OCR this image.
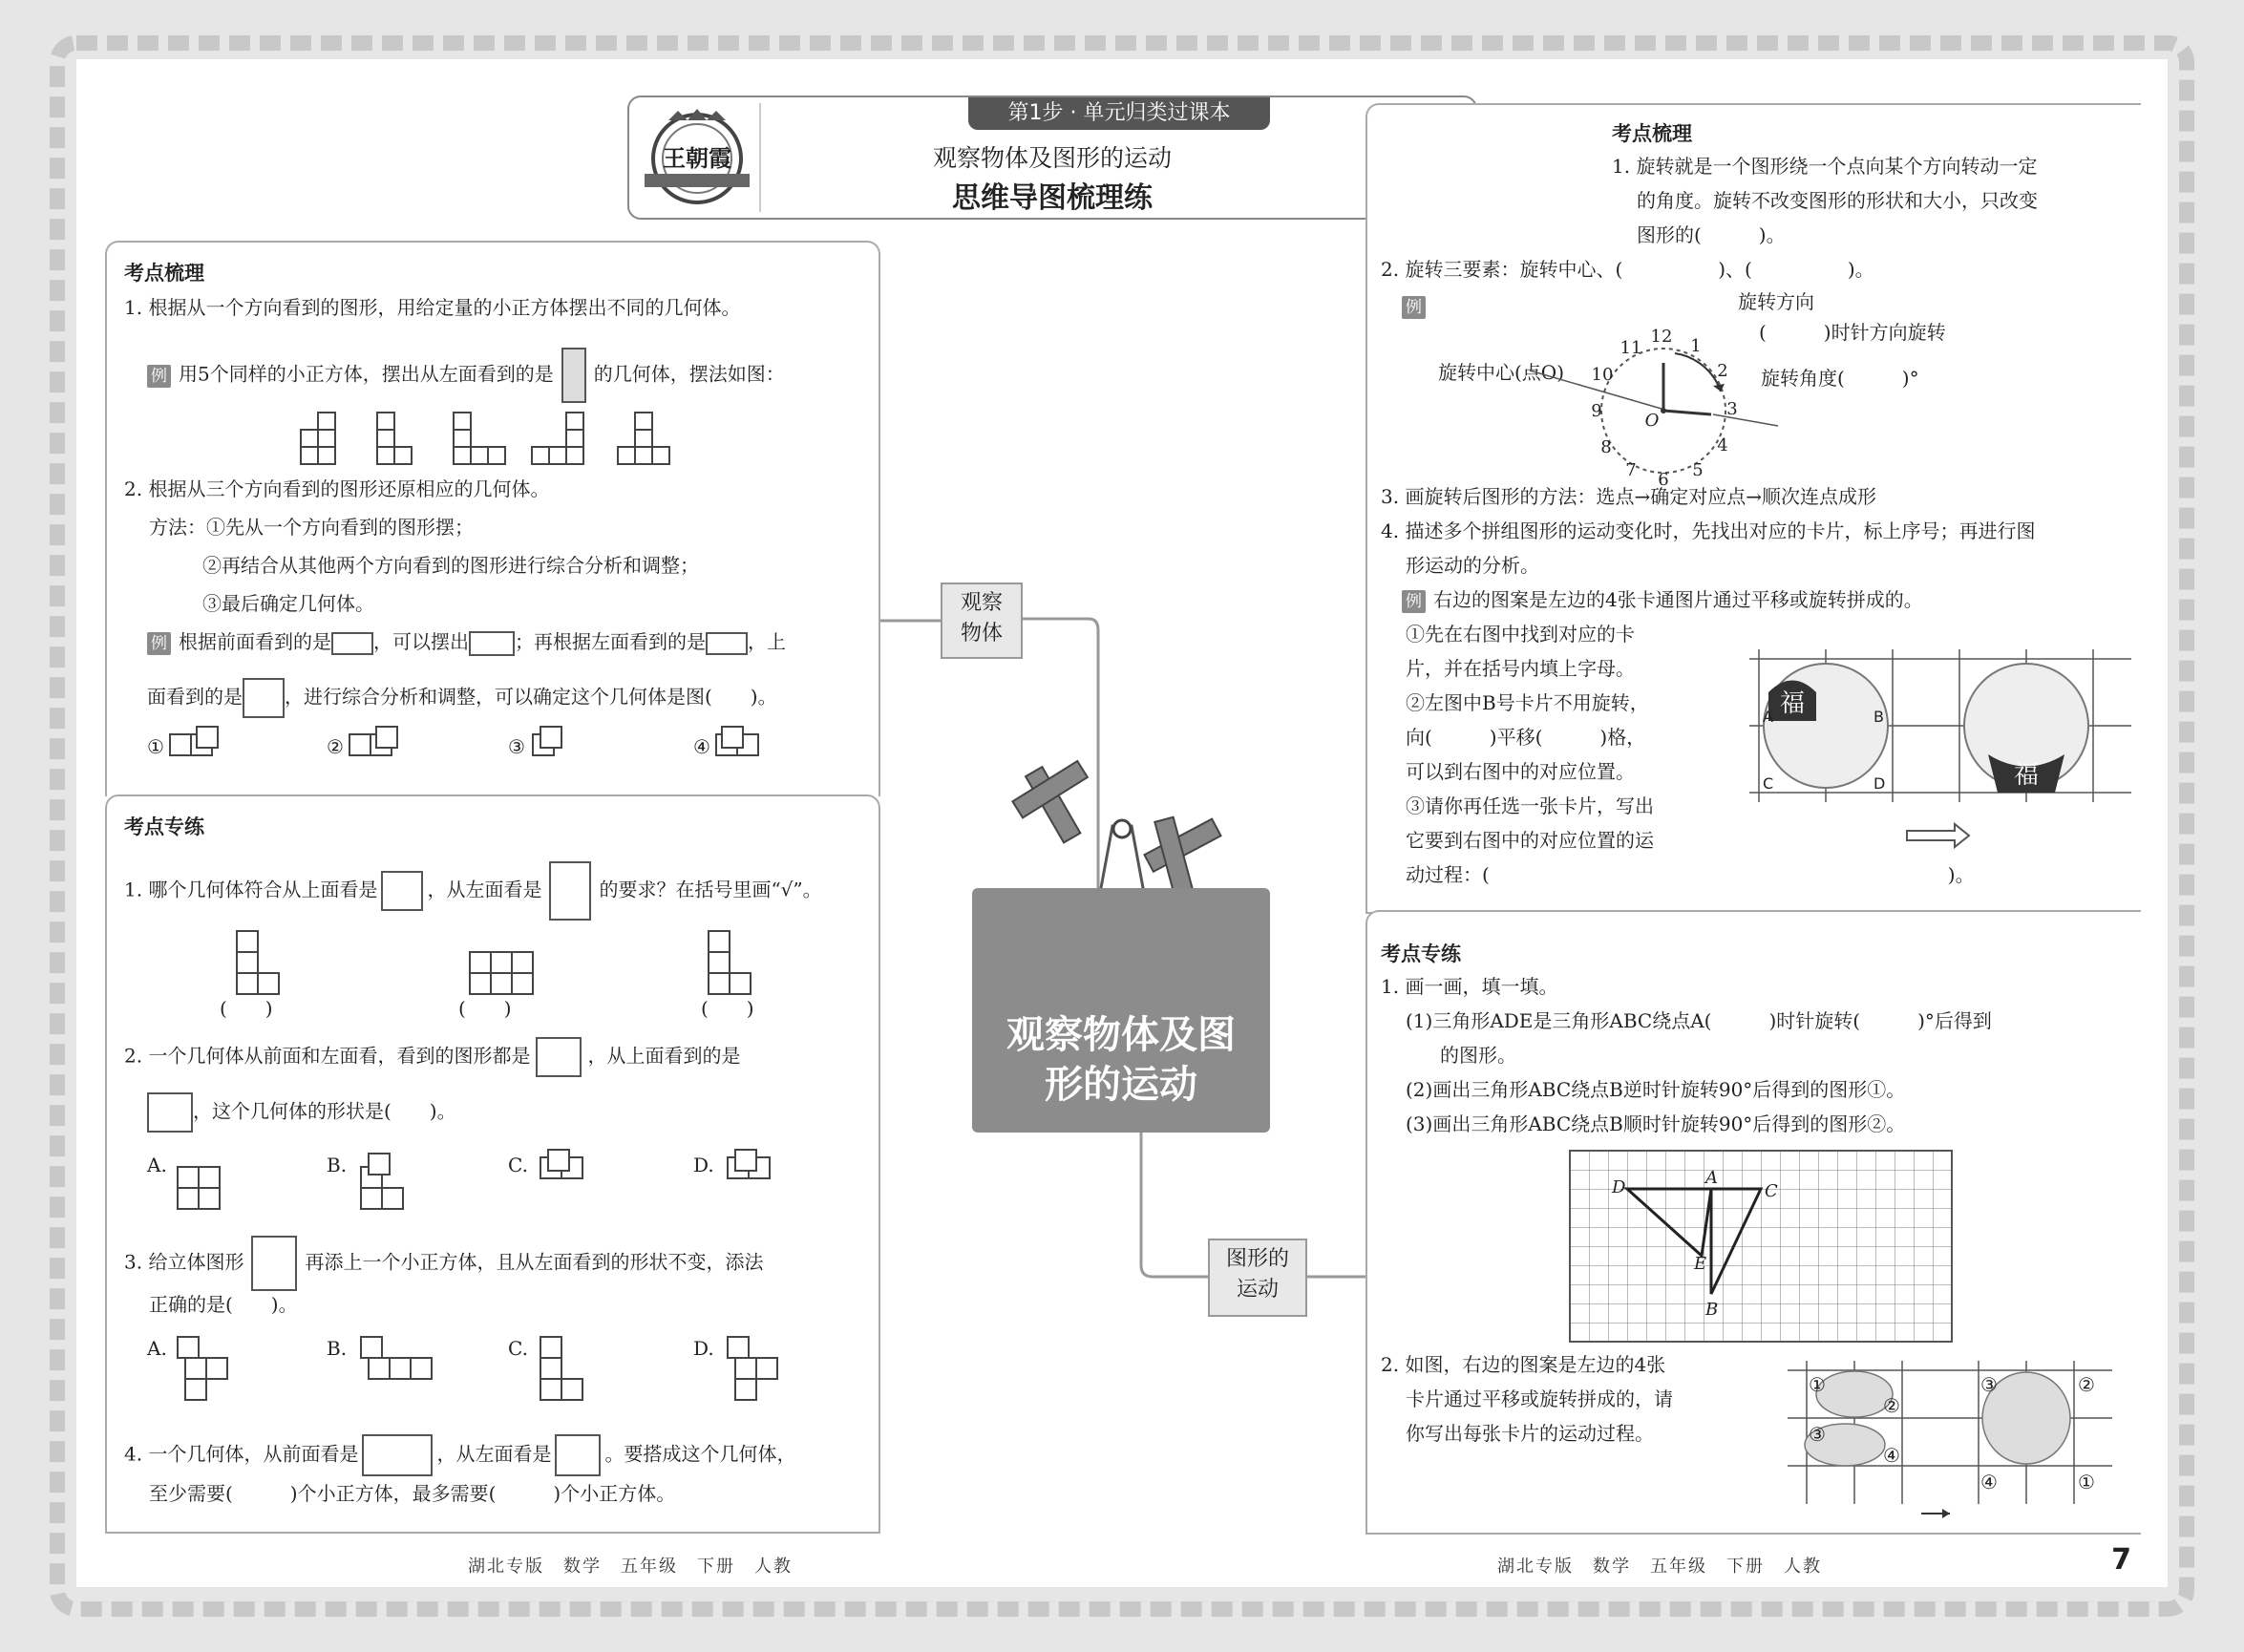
王朝霞
第1步 · 单元归类过课本
观察物体及图形的运动
思维导图梳理练
观察物体及图形的运动
观察物体
图形的运动
考点梳理
1. 根据从一个方向看到的图形，用给定量的小正方体摆出不同的几何体。
例 用5个同样的小正方体，摆出从左面看到的是 的几何体，摆法如图：
2. 根据从三个方向看到的图形还原相应的几何体。
方法：①先从一个方向看到的图形摆；
②再结合从其他两个方向看到的图形进行综合分析和调整；
③最后确定几何体。
例 根据前面看到的是 ，可以摆出 ；再根据左面看到的是 ，上
面看到的是 ，进行综合分析和调整，可以确定这个几何体是图(　　)。
①	②	③	④
考点专练
1. 哪个几何体符合从上面看是	，从左面看是	的要求？在括号里画“√”。
(　　)	(　　)	(　　)
2. 一个几何体从前面和左面看，看到的图形都是	，从上面看到的是
，这个几何体的形状是(　　)。
A.	B.	C.	D.
3. 给立体图形	再添上一个小正方体，且从左面看到的形状不变，添法
正确的是(　　)。
A.	B.	C.	D.
4. 一个几何体，从前面看是	，从左面看是	。要搭成这个几何体，
至少需要(　　　)个小正方体，最多需要(　　　)个小正方体。
考点梳理
1. 旋转就是一个图形绕一个点向某个方向转动一定
的角度。旋转不改变图形的形状和大小，只改变
图形的(　　　)。
2. 旋转三要素：旋转中心、(　　　　　)、(　　　　　)。
例	旋转方向
(　　　)时针方向旋转
旋转中心(点O)	旋转角度(　　　)°
12 1
2
3
4
5
6
7
8
9
10
11
O
3. 画旋转后图形的方法：选点→确定对应点→顺次连点成形
4. 描述多个拼组图形的运动变化时，先找出对应的卡片，标上序号；再进行图
形运动的分析。
例 右边的图案是左边的4张卡通图片通过平移或旋转拼成的。
①先在右图中找到对应的卡
片，并在括号内填上字母。
②左图中B号卡片不用旋转，
向(　　　)平移(　　　)格，
可以到右图中的对应位置。
③请你再任选一张卡片，写出
它要到右图中的对应位置的运
动过程：(　　　　　　　　　　　　　　　　　　　　　　　　)。
福
福
A	B
C	D
考点专练
1. 画一画，填一填。
(1)三角形ADE是三角形ABC绕点A(　　　)时针旋转(　　　)°后得到
的图形。
(2)画出三角形ABC绕点B逆时针旋转90°后得到的图形①。
(3)画出三角形ABC绕点B顺时针旋转90°后得到的图形②。
A
B
C
D
E
2. 如图，右边的图案是左边的4张
卡片通过平移或旋转拼成的，请
你写出每张卡片的运动过程。
①
②
③
④
③	②
④	①
湖北专版　数学　五年级　下册　人教	湖北专版　数学　五年级　下册　人教	7
